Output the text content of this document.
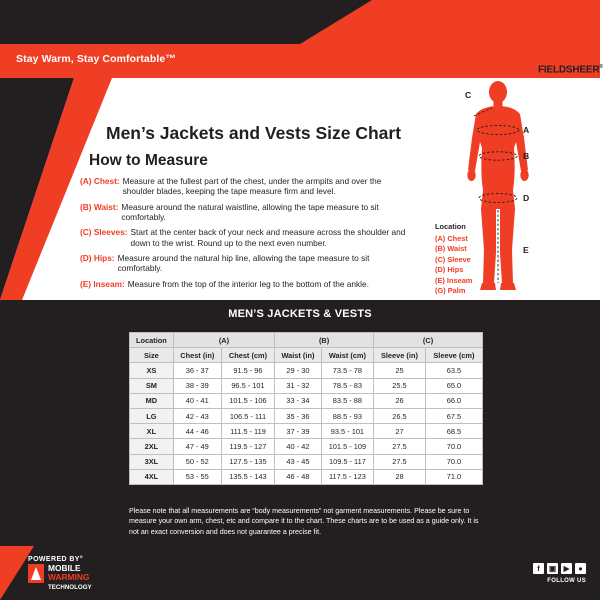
Stay Warm, Stay Comfortable™
FIELDSHEER®
Men’s Jackets and Vests Size Chart
How to Measure
(A) Chest: Measure at the fullest part of the chest, under the armpits and over the shoulder blades, keeping the tape measure firm and level.
(B) Waist: Measure around the natural waistline, allowing the tape measure to sit comfortably.
(C) Sleeves: Start at the center back of your neck and measure across the shoulder and down to the wrist. Round up to the next even number.
(D) Hips: Measure around the natural hip line, allowing the tape measure to sit comfortably.
(E) Inseam: Measure from the top of the interior leg to the bottom of the ankle.
C
A
B
D
E
Location
(A) Chest
(B) Waist
(C) Sleeve
(D) Hips
(E) Inseam
(G) Palm
MEN’S JACKETS & VESTS
Location	(A)		(B)		(C)	
Size	Chest (in)	Chest (cm)	Waist (in)	Waist (cm)	Sleeve (in)	Sleeve (cm)
XS	36 - 37	91.5 - 96	29 - 30	73.5 - 78	25	63.5
SM	38 - 39	96.5 - 101	31 - 32	78.5 - 83	25.5	65.0
MD	40 - 41	101.5 - 106	33 - 34	83.5 - 88	26	66.0
LG	42 - 43	106.5 - 111	35 - 36	88.5 - 93	26.5	67.5
XL	44 - 46	111.5 - 119	37 - 39	93.5 - 101	27	68.5
2XL	47 - 49	119.5 - 127	40 - 42	101.5 - 109	27.5	70.0
3XL	50 - 52	127.5 - 135	43 - 45	109.5 - 117	27.5	70.0
4XL	53 - 55	135.5 - 143	46 - 48	117.5 - 123	28	71.0
Please note that all measurements are “body measurements” not garment measurements. Please be sure to measure your own arm, chest, etc and compare it to the chart. These charts are to be used as a guide only. It is not an exact conversion and does not guarantee a precise fit.
POWERED BY°
MOBILE
WARMING
TECHNOLOGY
f	▣	▶	●
FOLLOW US
